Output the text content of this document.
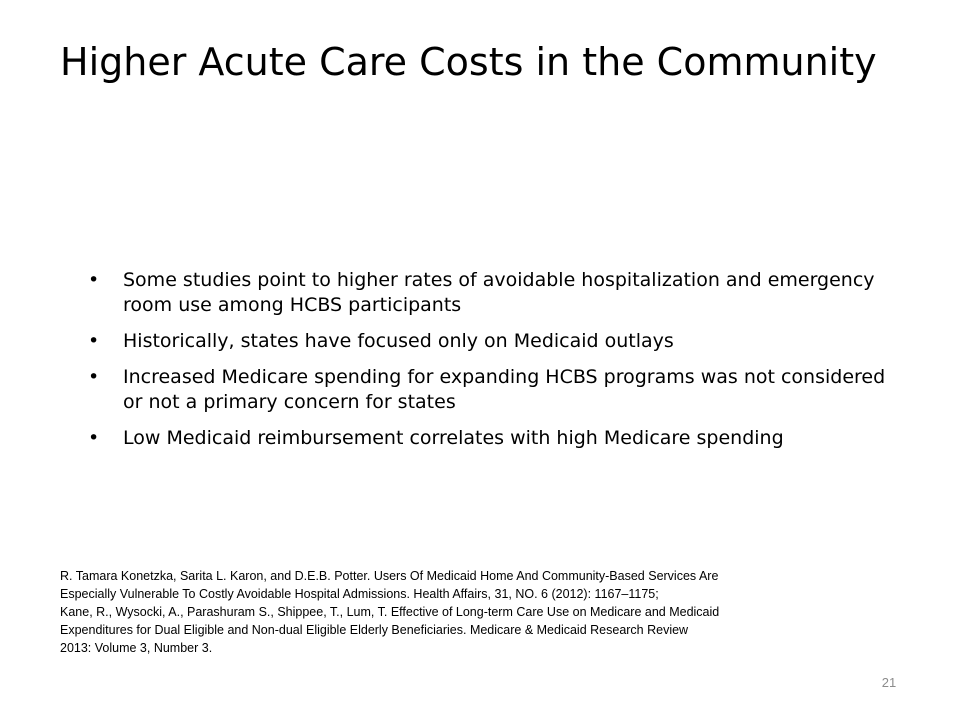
Higher Acute Care Costs in the Community
• Some studies point to higher rates of avoidable hospitalization and emergency room use among HCBS participants
• Historically, states have focused only on Medicaid outlays
• Increased Medicare spending for expanding HCBS programs was not considered or not a primary concern for states
• Low Medicaid reimbursement correlates with high Medicare spending

R. Tamara Konetzka, Sarita L. Karon, and D.E.B. Potter. Users Of Medicaid Home And Community-Based Services Are Especially Vulnerable To Costly Avoidable Hospital Admissions. Health Affairs, 31, NO. 6 (2012): 1167–1175;

Kane, R., Wysocki, A., Parashuram S., Shippee, T., Lum, T. Effective of Long-term Care Use on Medicare and Medicaid Expenditures for Dual Eligible and Non-dual Eligible Elderly Beneficiaries. Medicare & Medicaid Research Review 2013: Volume 3, Number 3.

21
